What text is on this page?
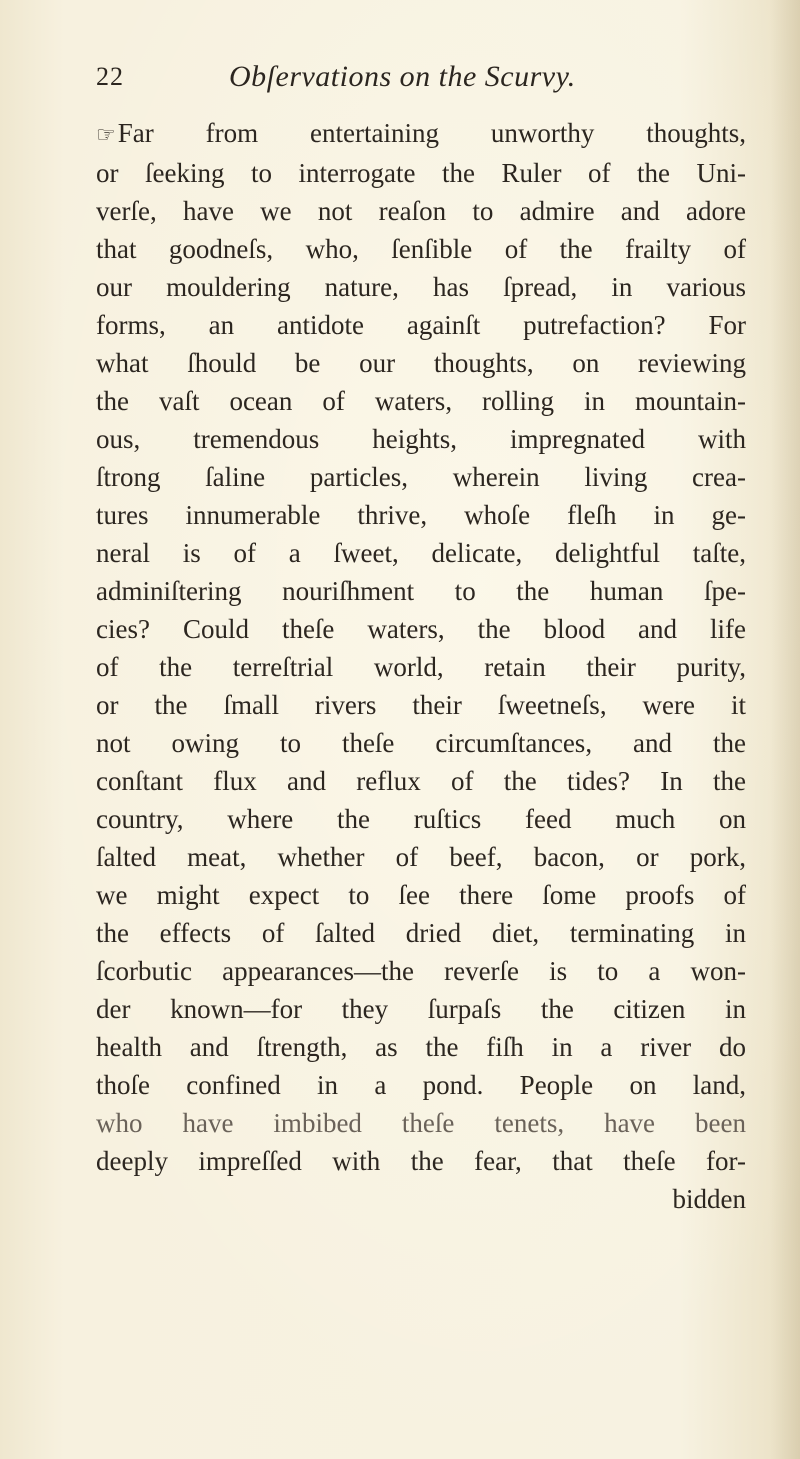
22	Obſervations on the Scurvy.
☞Far from entertaining unworthy thoughts,
or ſeeking to interrogate the Ruler of the Uni-
verſe, have we not reaſon to admire and adore
that goodneſs, who, ſenſible of the frailty of
our mouldering nature, has ſpread, in various
forms, an antidote againſt putrefaction? For
what ſhould be our thoughts, on reviewing
the vaſt ocean of waters, rolling in mountain-
ous, tremendous heights, impregnated with
ſtrong ſaline particles, wherein living crea-
tures innumerable thrive, whoſe fleſh in ge-
neral is of a ſweet, delicate, delightful taſte,
adminiſtering nouriſhment to the human ſpe-
cies? Could theſe waters, the blood and life
of the terreſtrial world, retain their purity,
or the ſmall rivers their ſweetneſs, were it
not owing to theſe circumſtances, and the
conſtant flux and reflux of the tides? In the
country, where the ruſtics feed much on
ſalted meat, whether of beef, bacon, or pork,
we might expect to ſee there ſome proofs of
the effects of ſalted dried diet, terminating in
ſcorbutic appearances—the reverſe is to a won-
der known—for they ſurpaſs the citizen in
health and ſtrength, as the fiſh in a river do
thoſe confined in a pond. People on land,
who have imbibed theſe tenets, have been
deeply impreſſed with the fear, that theſe for-
bidden
